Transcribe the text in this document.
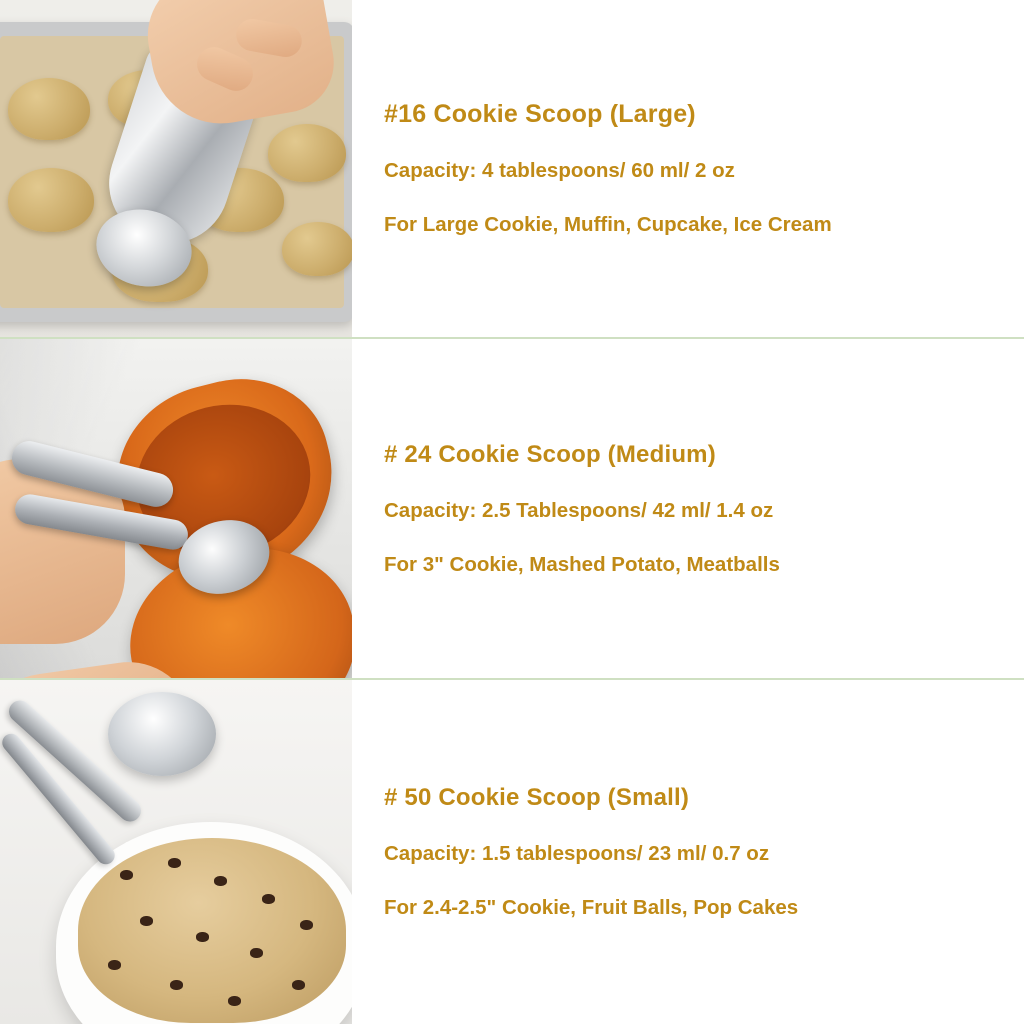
#16 Cookie Scoop (Large)
Capacity: 4 tablespoons/ 60 ml/ 2 oz
For Large Cookie, Muffin, Cupcake, Ice Cream
# 24 Cookie Scoop (Medium)
Capacity: 2.5 Tablespoons/ 42 ml/ 1.4 oz
For 3" Cookie, Mashed Potato, Meatballs
# 50 Cookie Scoop (Small)
Capacity: 1.5 tablespoons/ 23 ml/ 0.7 oz
For 2.4-2.5" Cookie, Fruit Balls, Pop Cakes
